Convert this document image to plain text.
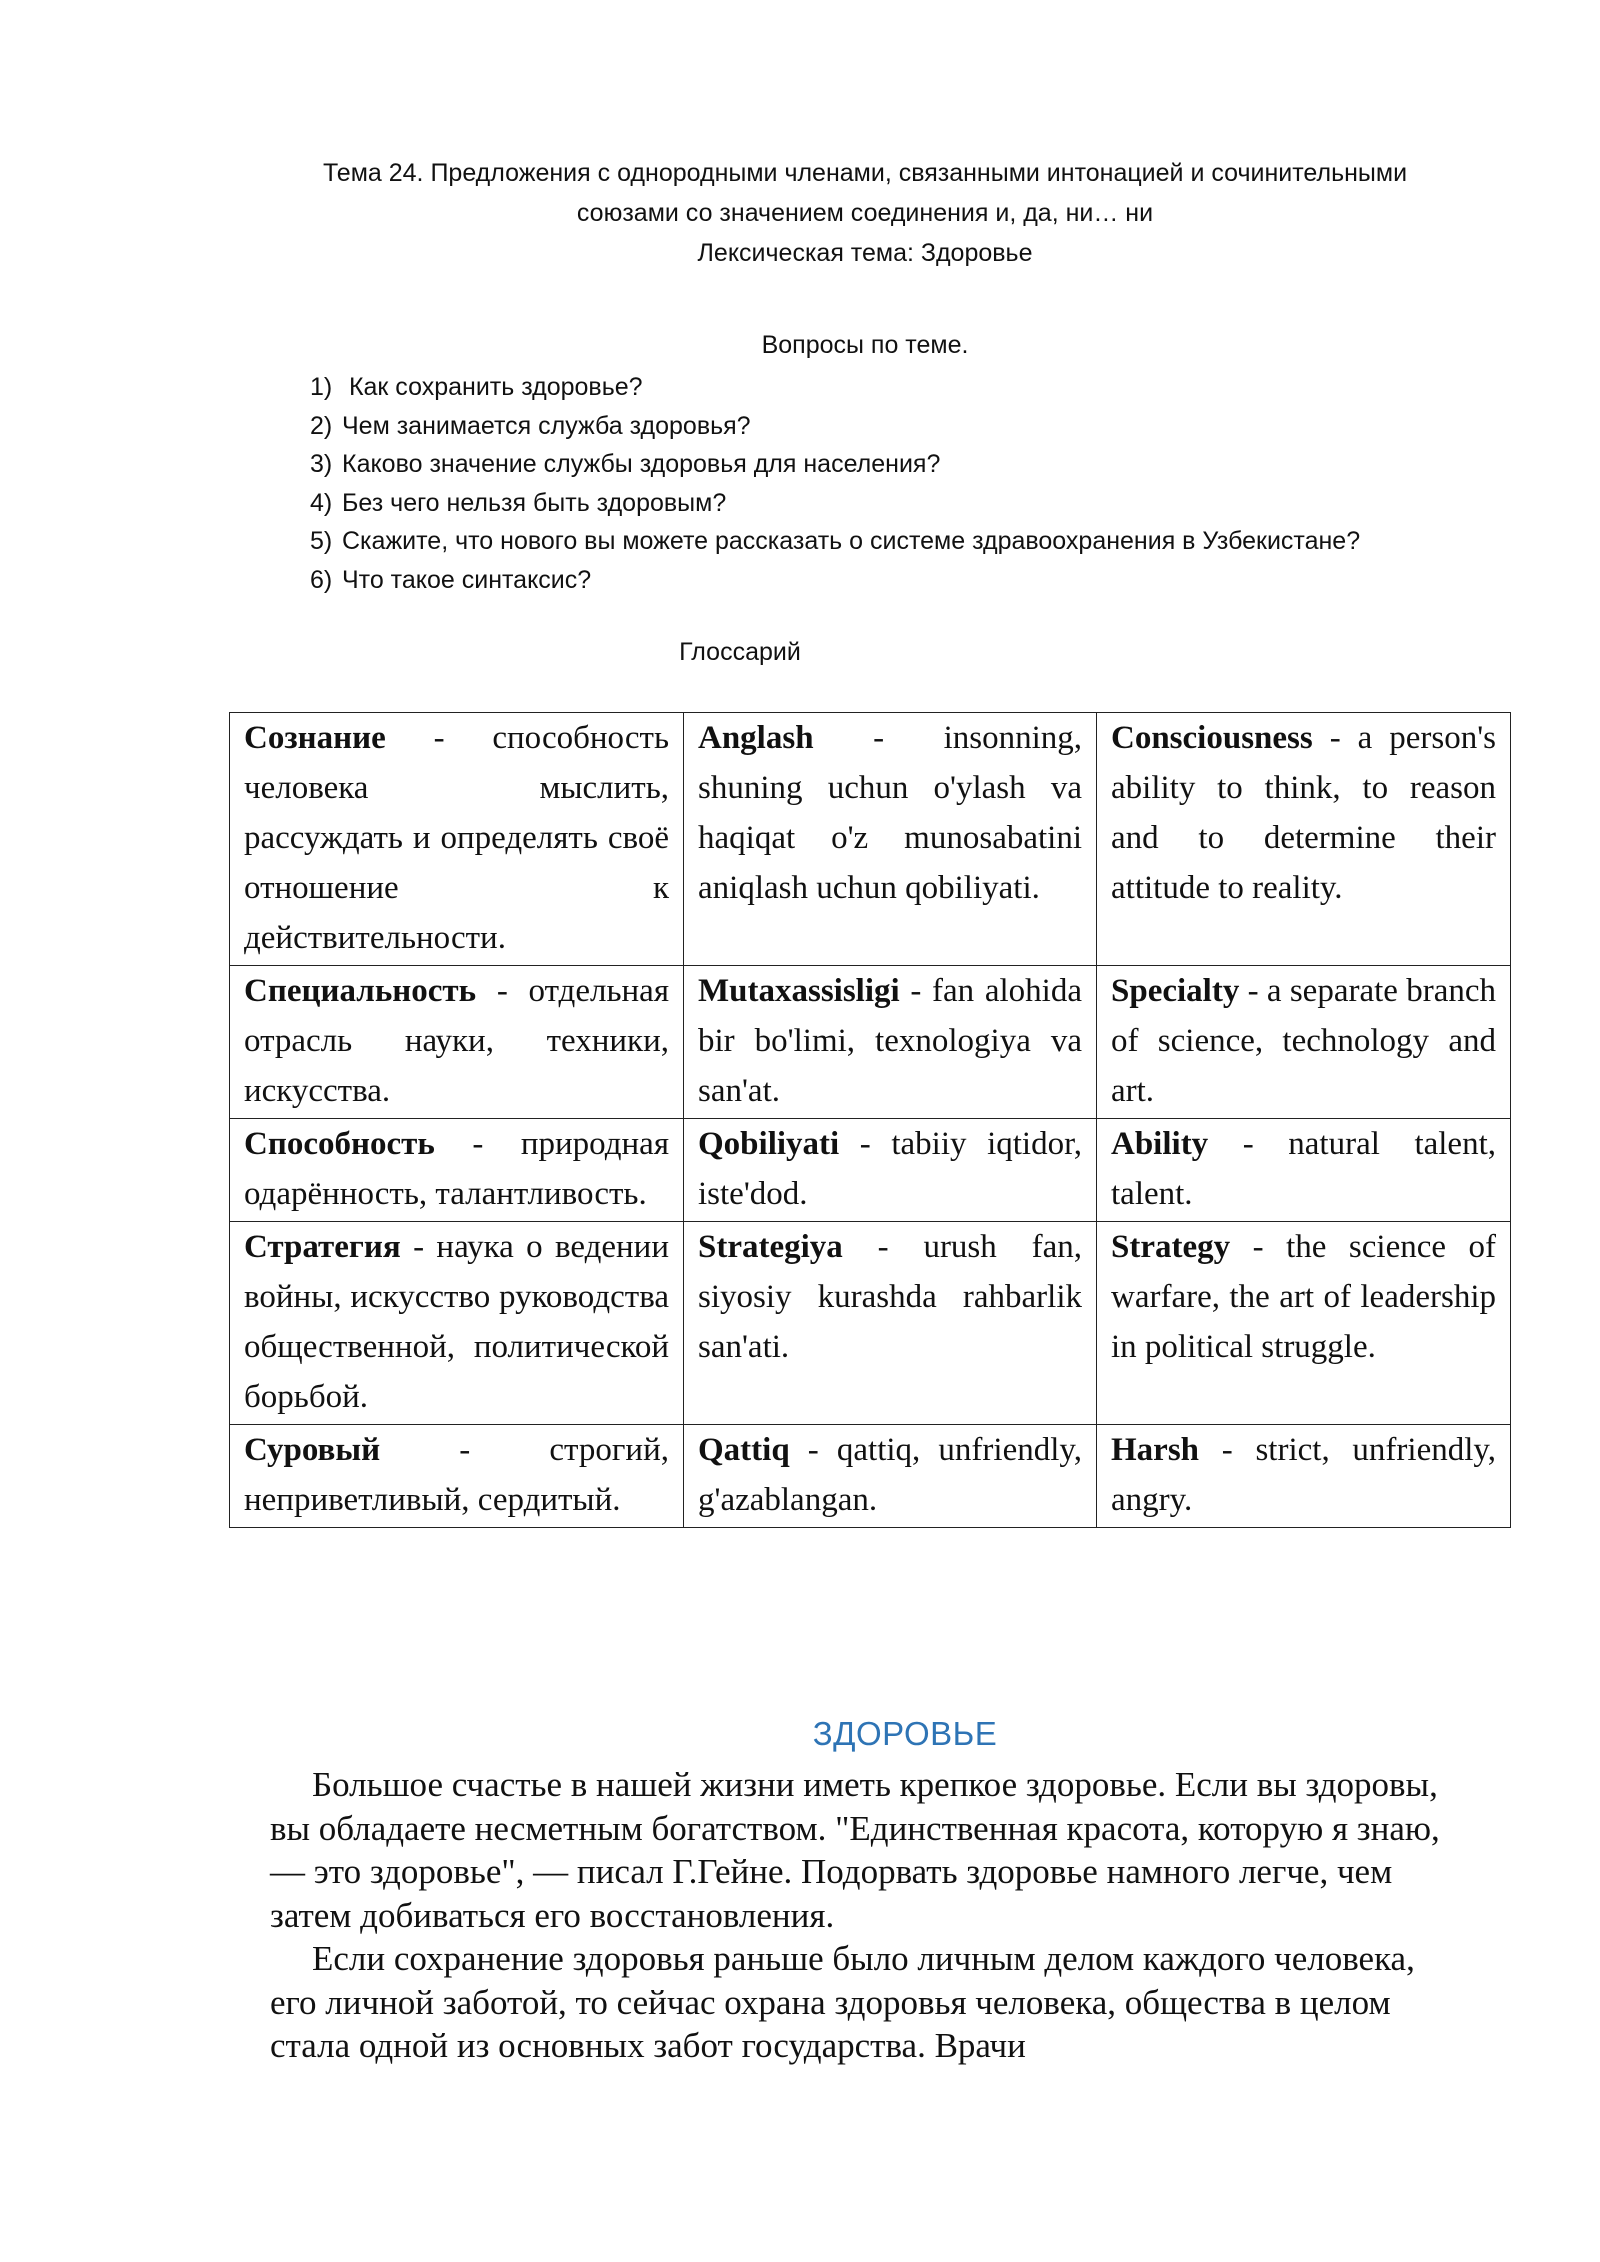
Тема 24. Предложения с однородными членами, связанными интонацией и сочинительными
союзами со значением соединения и, да, ни… ни
Лексическая тема: Здоровье
Вопросы по теме.
1) Как сохранить здоровье?
2) Чем занимается служба здоровья?
3) Каково значение службы здоровья для населения?
4) Без чего нельзя быть здоровым?
5) Скажите, что нового вы можете рассказать о системе здравоохранения в Узбекистане?
6) Что такое синтаксис?
Глоссарий
Сознание - способность человека мыслить, рассуждать и определять своё отношение к действительности.	Anglash - insonning, shuning uchun o'ylash va haqiqat o'z munosabatini aniqlash uchun qobiliyati.	Consciousness - a person's ability to think, to reason and to determine their attitude to reality.
Специальность - отдельная отрасль науки, техники, искусства.	Mutaxassisligi - fan alohida bir bo'limi, texnologiya va san'at.	Specialty - a separate branch of science, technology and art.
Способность - природная одарённость, талантливость.	Qobiliyati - tabiiy iqtidor, iste'dod.	Ability - natural talent, talent.
Стратегия - наука о ведении войны, искусство руководства общественной, политической борьбой.	Strategiya - urush fan, siyosiy kurashda rahbarlik san'ati.	Strategy - the science of warfare, the art of leadership in political struggle.
Суровый - строгий, неприветливый, сердитый.	Qattiq - qattiq, unfriendly, g'azablangan.	Harsh - strict, unfriendly, angry.
ЗДОРОВЬЕ

Большое счастье в нашей жизни иметь крепкое здоровье. Если вы здоровы, вы обладаете несметным богатством. "Единственная красота, которую я знаю, — это здоровье", — писал Г.Гейне. Подорвать здоровье намного легче, чем затем добиваться его восстановления.

Если сохранение здоровья раньше было личным делом каждого человека, его личной заботой, то сейчас охрана здоровья человека, общества в целом стала одной из основных забот государства. Врачи
